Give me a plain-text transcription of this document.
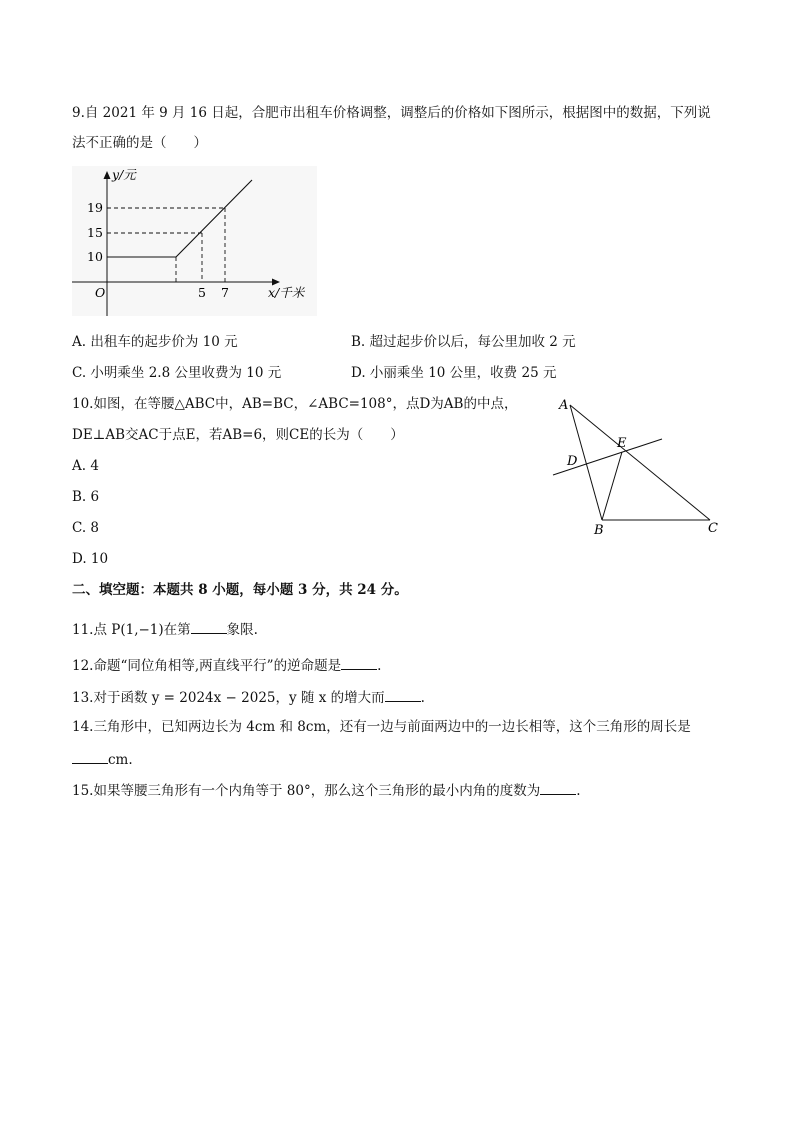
9.自 2021 年 9 月 16 日起，合肥市出租车价格调整，调整后的价格如下图所示，根据图中的数据，下列说
法不正确的是（　　）
y/元
19
15
10
O	5 7	x/千米
A. 出租车的起步价为 10 元	B. 超过起步价以后，每公里加收 2 元
C. 小明乘坐 2.8 公里收费为 10 元	D. 小丽乘坐 10 公里，收费 25 元
10.如图，在等腰△ABC中，AB=BC，∠ABC=108°，点D为AB的中点，
DE⊥AB交AC于点E，若AB=6，则CE的长为（　　）
A. 4
B. 6
C. 8
D. 10
A
D
E
B	C
二、填空题：本题共 8 小题，每小题 3 分，共 24 分。
11.点 P(1,−1)在第	象限.
12.命题“同位角相等,两直线平行”的逆命题是	.
13.对于函数 y = 2024x − 2025，y 随 x 的增大而	.
14.三角形中，已知两边长为 4cm 和 8cm，还有一边与前面两边中的一边长相等，这个三角形的周长是
cm.
15.如果等腰三角形有一个内角等于 80°，那么这个三角形的最小内角的度数为	.
